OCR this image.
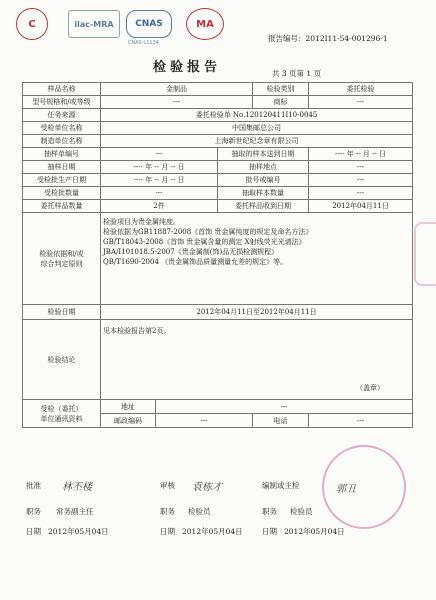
C	ilac-MRA CNAS
CNAS L1134
MA
报告编号：2012I11-54-001296-1
检验报告	共 3 页第 1 页
样品名称	金制品			检验类别	委托检验
型号规格和/或等级	---			商标	---
任务来源	委托检验单 No.120120411I10-0045				
受检单位名称	中国集邮总公司				
制造单位名称	上海新世纪纪念章有限公司				
抽样单编号	---		抽取的样本送到日期		---- 年 -- 月 -- 日
抽样日期	---- 年 -- 月 -- 日		抽样地点		---
受检批生产日期	---- 年 -- 月 -- 日		批号或编号		---
受检批数量	---		抽取样本数量		---
委托样品数量	2件		委托样品收到日期		2012年04月11日

检验依据和/或
综合判定原则	检验项目为贵金属纯度。
检验依据为GB11887-2008《首饰 贵金属纯度的规定及命名方法》
GB/T18043-2008《首饰 贵金属含量的测定 X射线荧光光谱法》
JBA/I101018.5-2007《贵金属制(饰)品无损检测规程》
QB/T1690-2004 《贵金属饰品质量测量允差的规定》等。				

检验日期	2012年04月11日至2012年04月11日				
检验结论	见本检验报告第2页。
（盖章）				

受检（委托）
单位通讯资料	地址	---			
	邮政编码	---		电话	---
批准 林丕楼	审核 袁栋才	编制或主检	郭丑
职务 常务副主任	职务 检验员	职务 检验员
日期 2012年05月04日	日期 2012年05月04日	日期 2012年05月04日
